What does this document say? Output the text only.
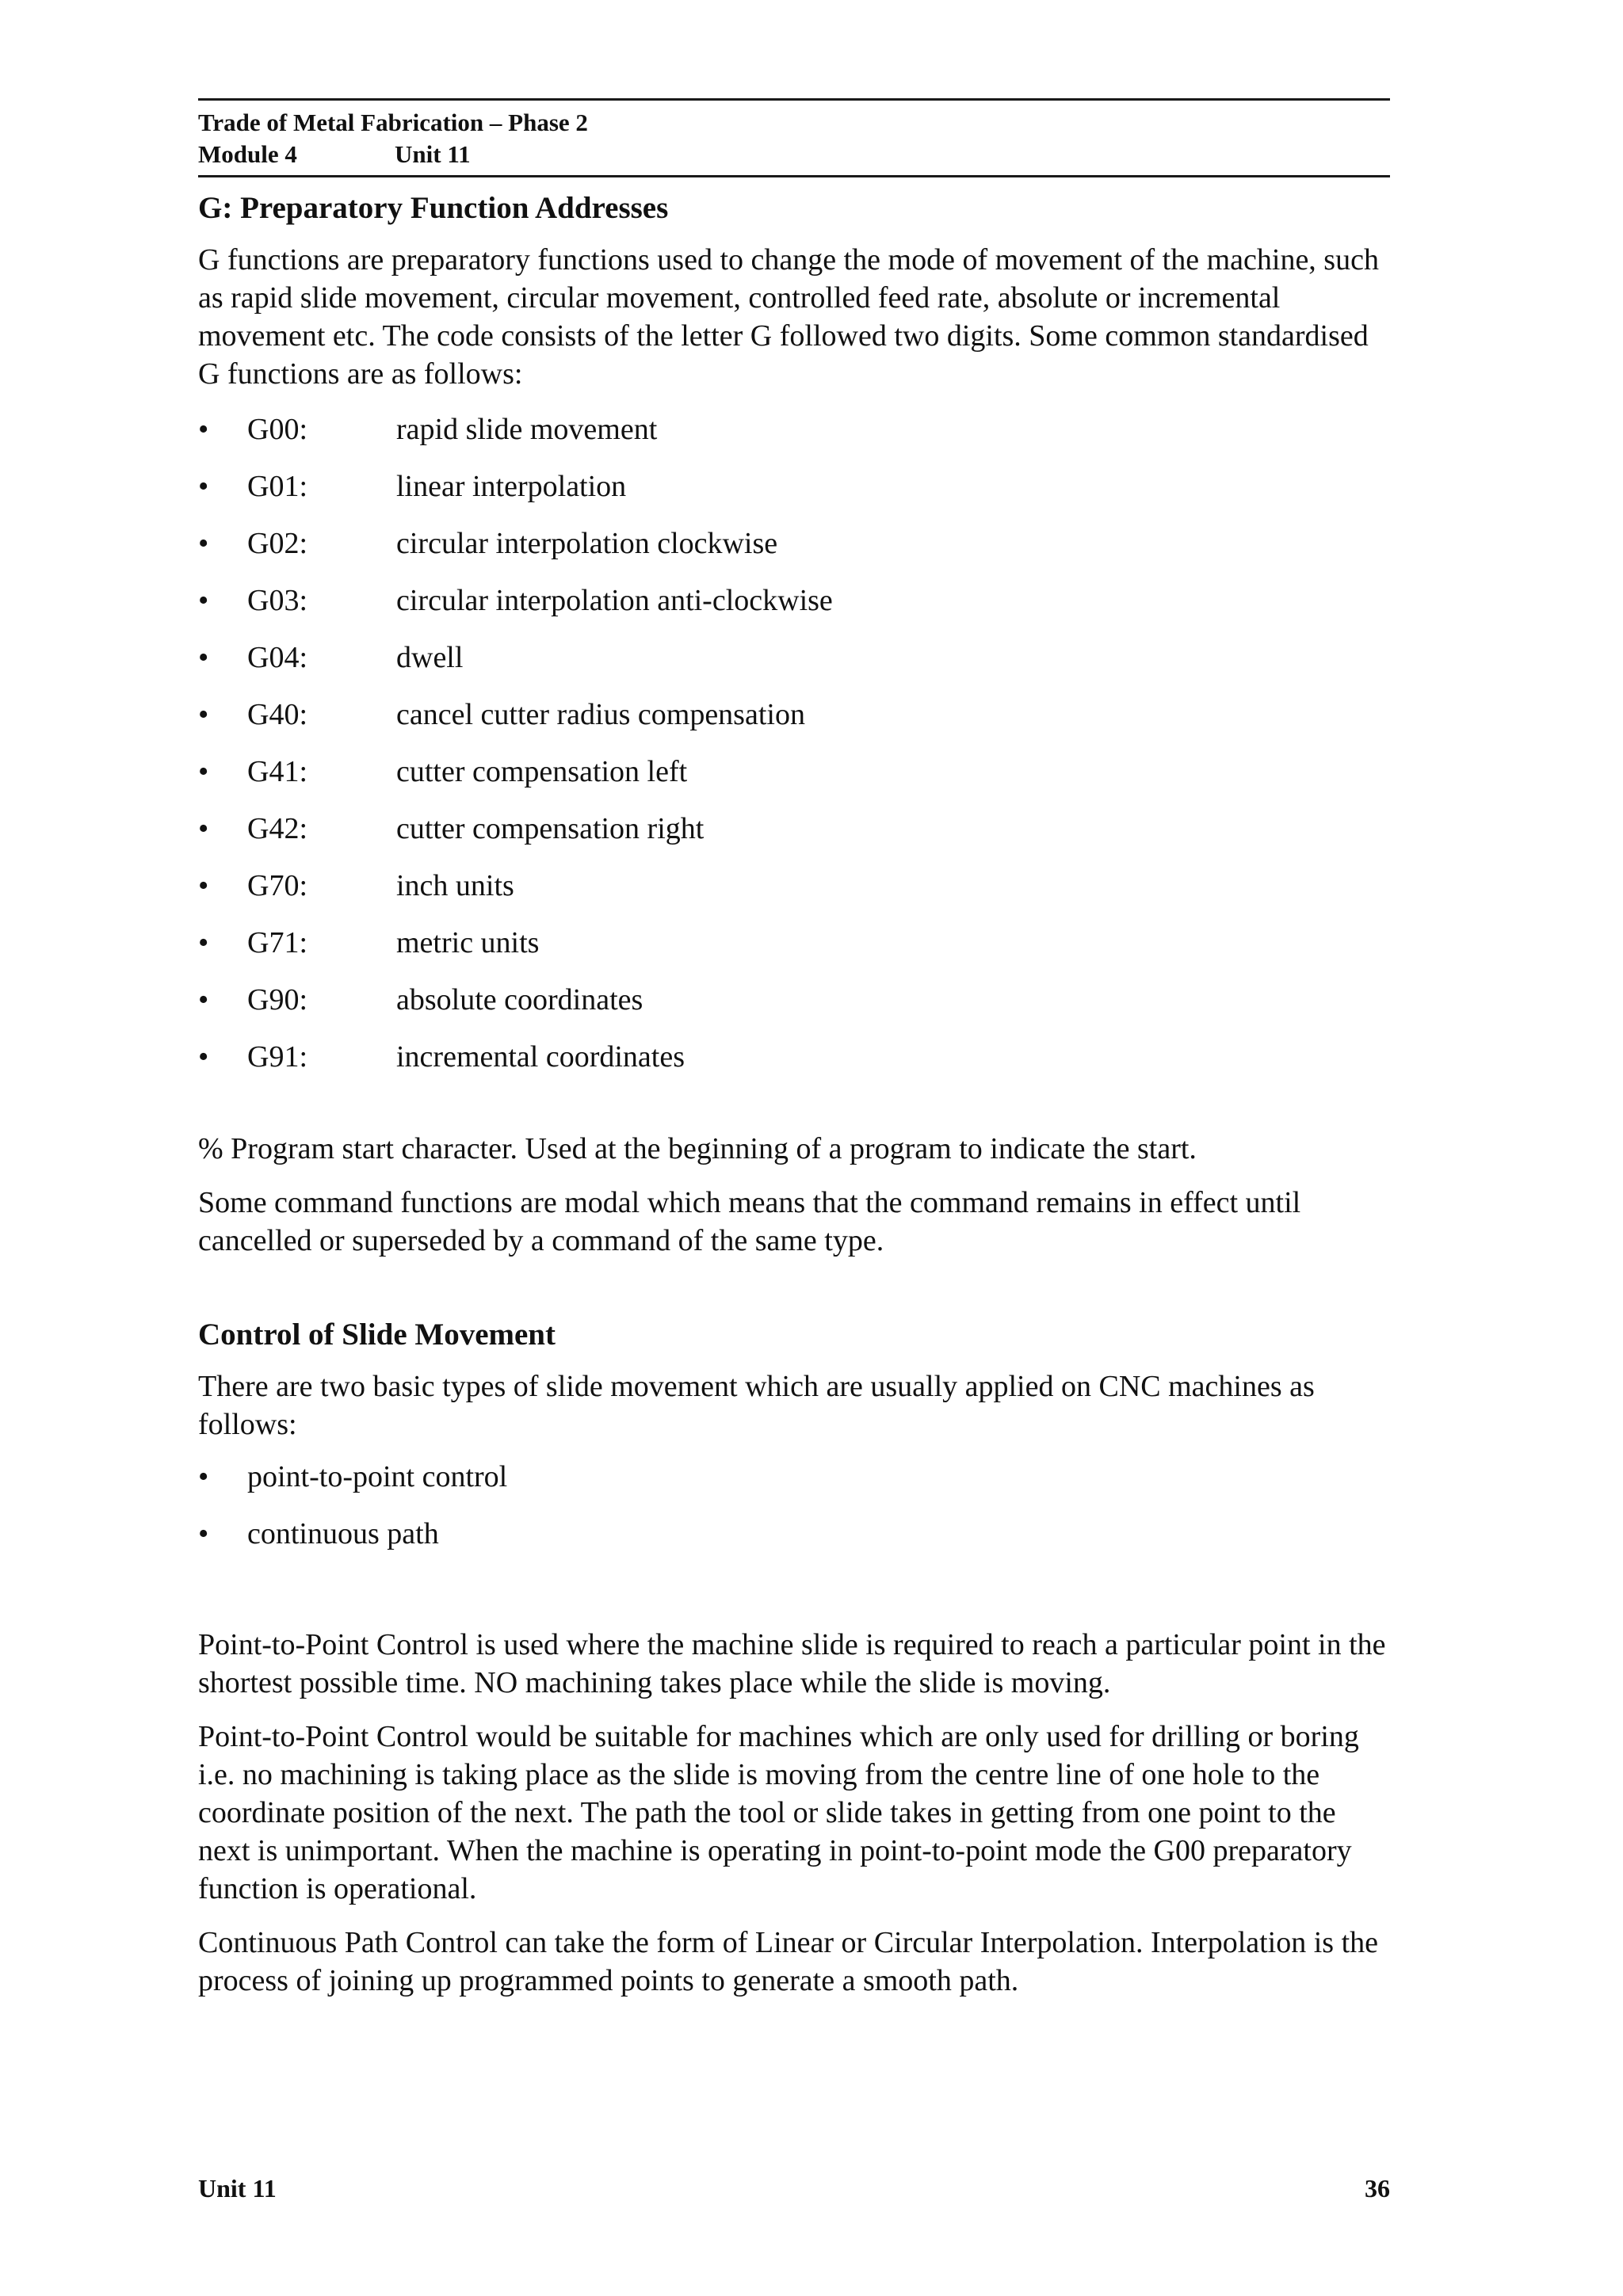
Trade of Metal Fabrication – Phase 2
Module 4	Unit 11
G: Preparatory Function Addresses

G functions are preparatory functions used to change the mode of movement of the machine, such as rapid slide movement, circular movement, controlled feed rate, absolute or incremental movement etc. The code consists of the letter G followed two digits. Some common standardised G functions are as follows:

•
G00:	rapid slide movement
•
G01:	linear interpolation
•
G02:	circular interpolation clockwise
•
G03:	circular interpolation anti-clockwise
•
G04:	dwell
•
G40:	cancel cutter radius compensation
•
G41:	cutter compensation left
•
G42:	cutter compensation right
•
G70:	inch units
•
G71:	metric units
•
G90:	absolute coordinates
•
G91:	incremental coordinates

% Program start character. Used at the beginning of a program to indicate the start.

Some command functions are modal which means that the command remains in effect until cancelled or superseded by a command of the same type.

Control of Slide Movement

There are two basic types of slide movement which are usually applied on CNC machines as follows:

•
point-to-point control
•
continuous path

Point-to-Point Control is used where the machine slide is required to reach a particular point in the shortest possible time. NO machining takes place while the slide is moving.

Point-to-Point Control would be suitable for machines which are only used for drilling or boring i.e. no machining is taking place as the slide is moving from the centre line of one hole to the coordinate position of the next. The path the tool or slide takes in getting from one point to the next is unimportant. When the machine is operating in point-to-point mode the G00 preparatory function is operational.

Continuous Path Control can take the form of Linear or Circular Interpolation. Interpolation is the process of joining up programmed points to generate a smooth path.

Unit 11	36
